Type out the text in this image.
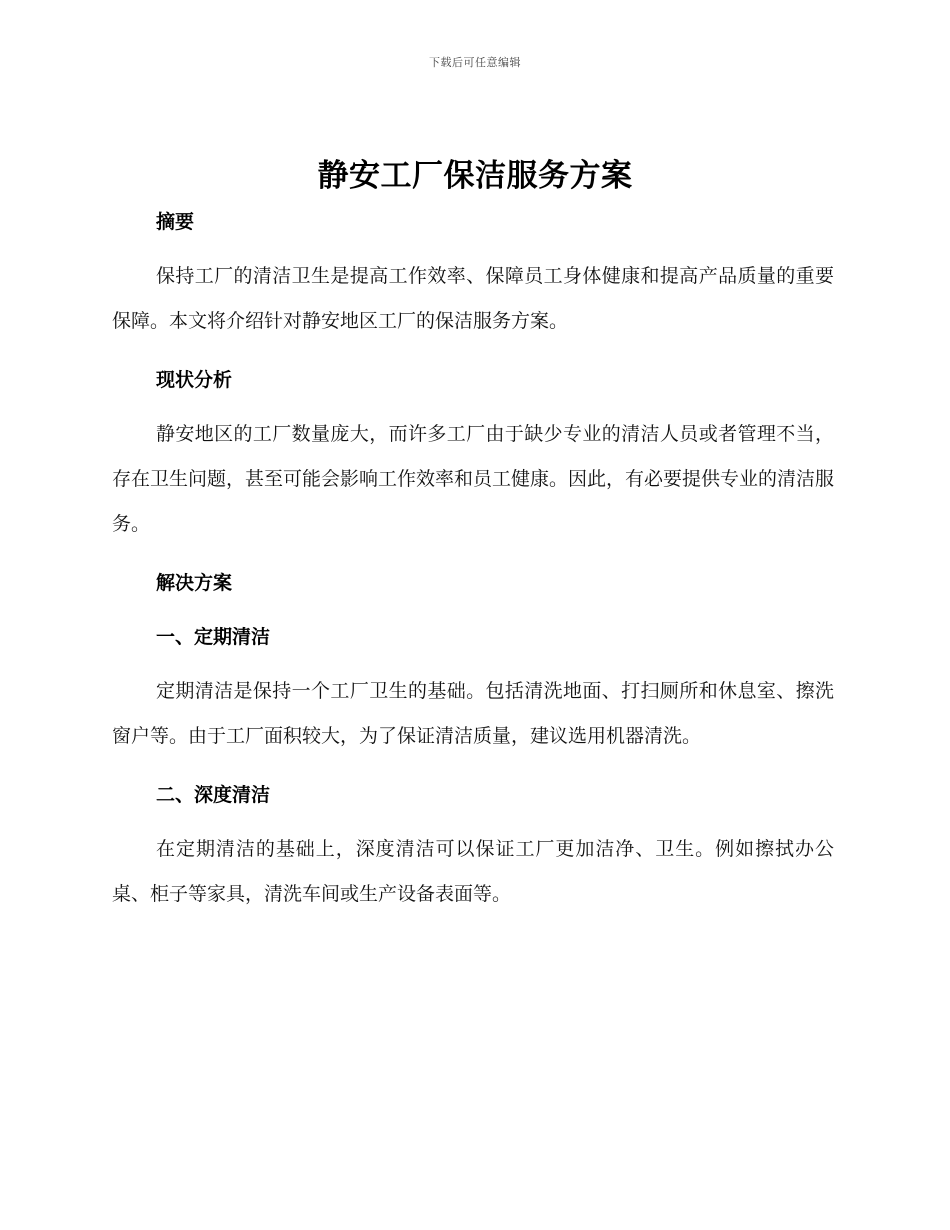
下载后可任意编辑
静安工厂保洁服务方案

摘要

保持工厂的清洁卫生是提高工作效率、保障员工身体健康和提高产品质量的重要保障。本文将介绍针对静安地区工厂的保洁服务方案。

现状分析

静安地区的工厂数量庞大，而许多工厂由于缺少专业的清洁人员或者管理不当，存在卫生问题，甚至可能会影响工作效率和员工健康。因此，有必要提供专业的清洁服务。

解决方案

一、定期清洁

定期清洁是保持一个工厂卫生的基础。包括清洗地面、打扫厕所和休息室、擦洗窗户等。由于工厂面积较大，为了保证清洁质量，建议选用机器清洗。

二、深度清洁

在定期清洁的基础上，深度清洁可以保证工厂更加洁净、卫生。例如擦拭办公桌、柜子等家具，清洗车间或生产设备表面等。
